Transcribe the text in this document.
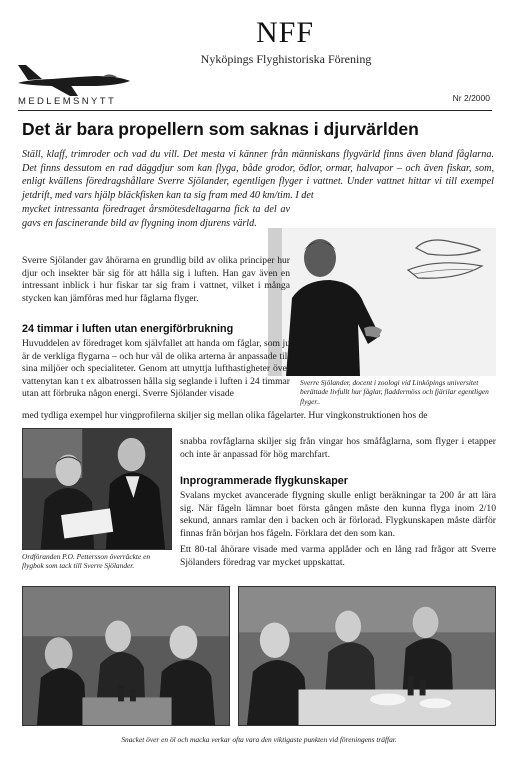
NFF
Nyköpings Flyghistoriska Förening
MEDLEMSNYTT	Nr 2/2000
Det är bara propellern som saknas i djurvärlden
Ställ, klaff, trimroder och vad du vill. Det mesta vi känner från människans flygvärld finns även bland fåglarna. Det finns dessutom en rad däggdjur som kan flyga, både grodor, ödlor, ormar, halvapor – och även fiskar, som, enligt kvällens föredragshållare Sverre Sjölander, egentligen flyger i vattnet. Under vattnet hittar vi till exempel jetdrift, med vars hjälp bläckfisken kan ta sig fram med 40 km/tim. I det
mycket intressanta föredraget årsmötesdeltagarna fick ta del av gavs en fascinerande bild av flygning inom djurens värld.
Sverre Sjölander gav åhörarna en grundlig bild av olika principer hur djur och insekter bär sig för att hålla sig i luften. Han gav även en intressant inblick i hur fiskar tar sig fram i vattnet, vilket i många stycken kan jämföras med hur fåglarna flyger.
24 timmar i luften utan energiförbrukning
Huvuddelen av föredraget kom självfallet att handa om fåglar, som ju är de verkliga flygarna – och hur väl de olika arterna är anpassade till sina miljöer och specialiteter. Genom att utnyttja lufthastigheter över vattenytan kan t ex albatrossen hålla sig seglande i luften i 24 timmar utan att förbruka någon energi. Sverre Sjölander visade
Sverre Sjölander, docent i zoologi vid Linköpings universitet berättade livfullt hur fåglar, fladdermöss och fjärilar egentligen flyger..
med tydliga exempel hur vingprofilerna skiljer sig mellan olika fågelarter. Hur vingkonstruktionen hos de
snabba rovfåglarna skiljer sig från vingar hos småfåglarna, som flyger i etapper och inte är anpassad för hög marchfart.
Inprogrammerade flygkunskaper
Svalans mycket avancerade flygning skulle enligt beräkningar ta 200 år att lära sig. När fågeln lämnar boet första gången måste den kunna flyga inom 2/10 sekund, annars ramlar den i backen och är förlorad. Flygkunskapen måste därför finnas från början hos fågeln. Förklara det den som kan.
Ett 80-tal åhörare visade med varma applåder och en lång rad frågor att Sverre Sjölanders föredrag var mycket uppskattat.
Ordföranden P.O. Pettersson överräckte en flygbok som tack till Sverre Sjölander.
Snacket över en öl och macka verkar ofta vara den viktigaste punkten vid föreningens träffar.
